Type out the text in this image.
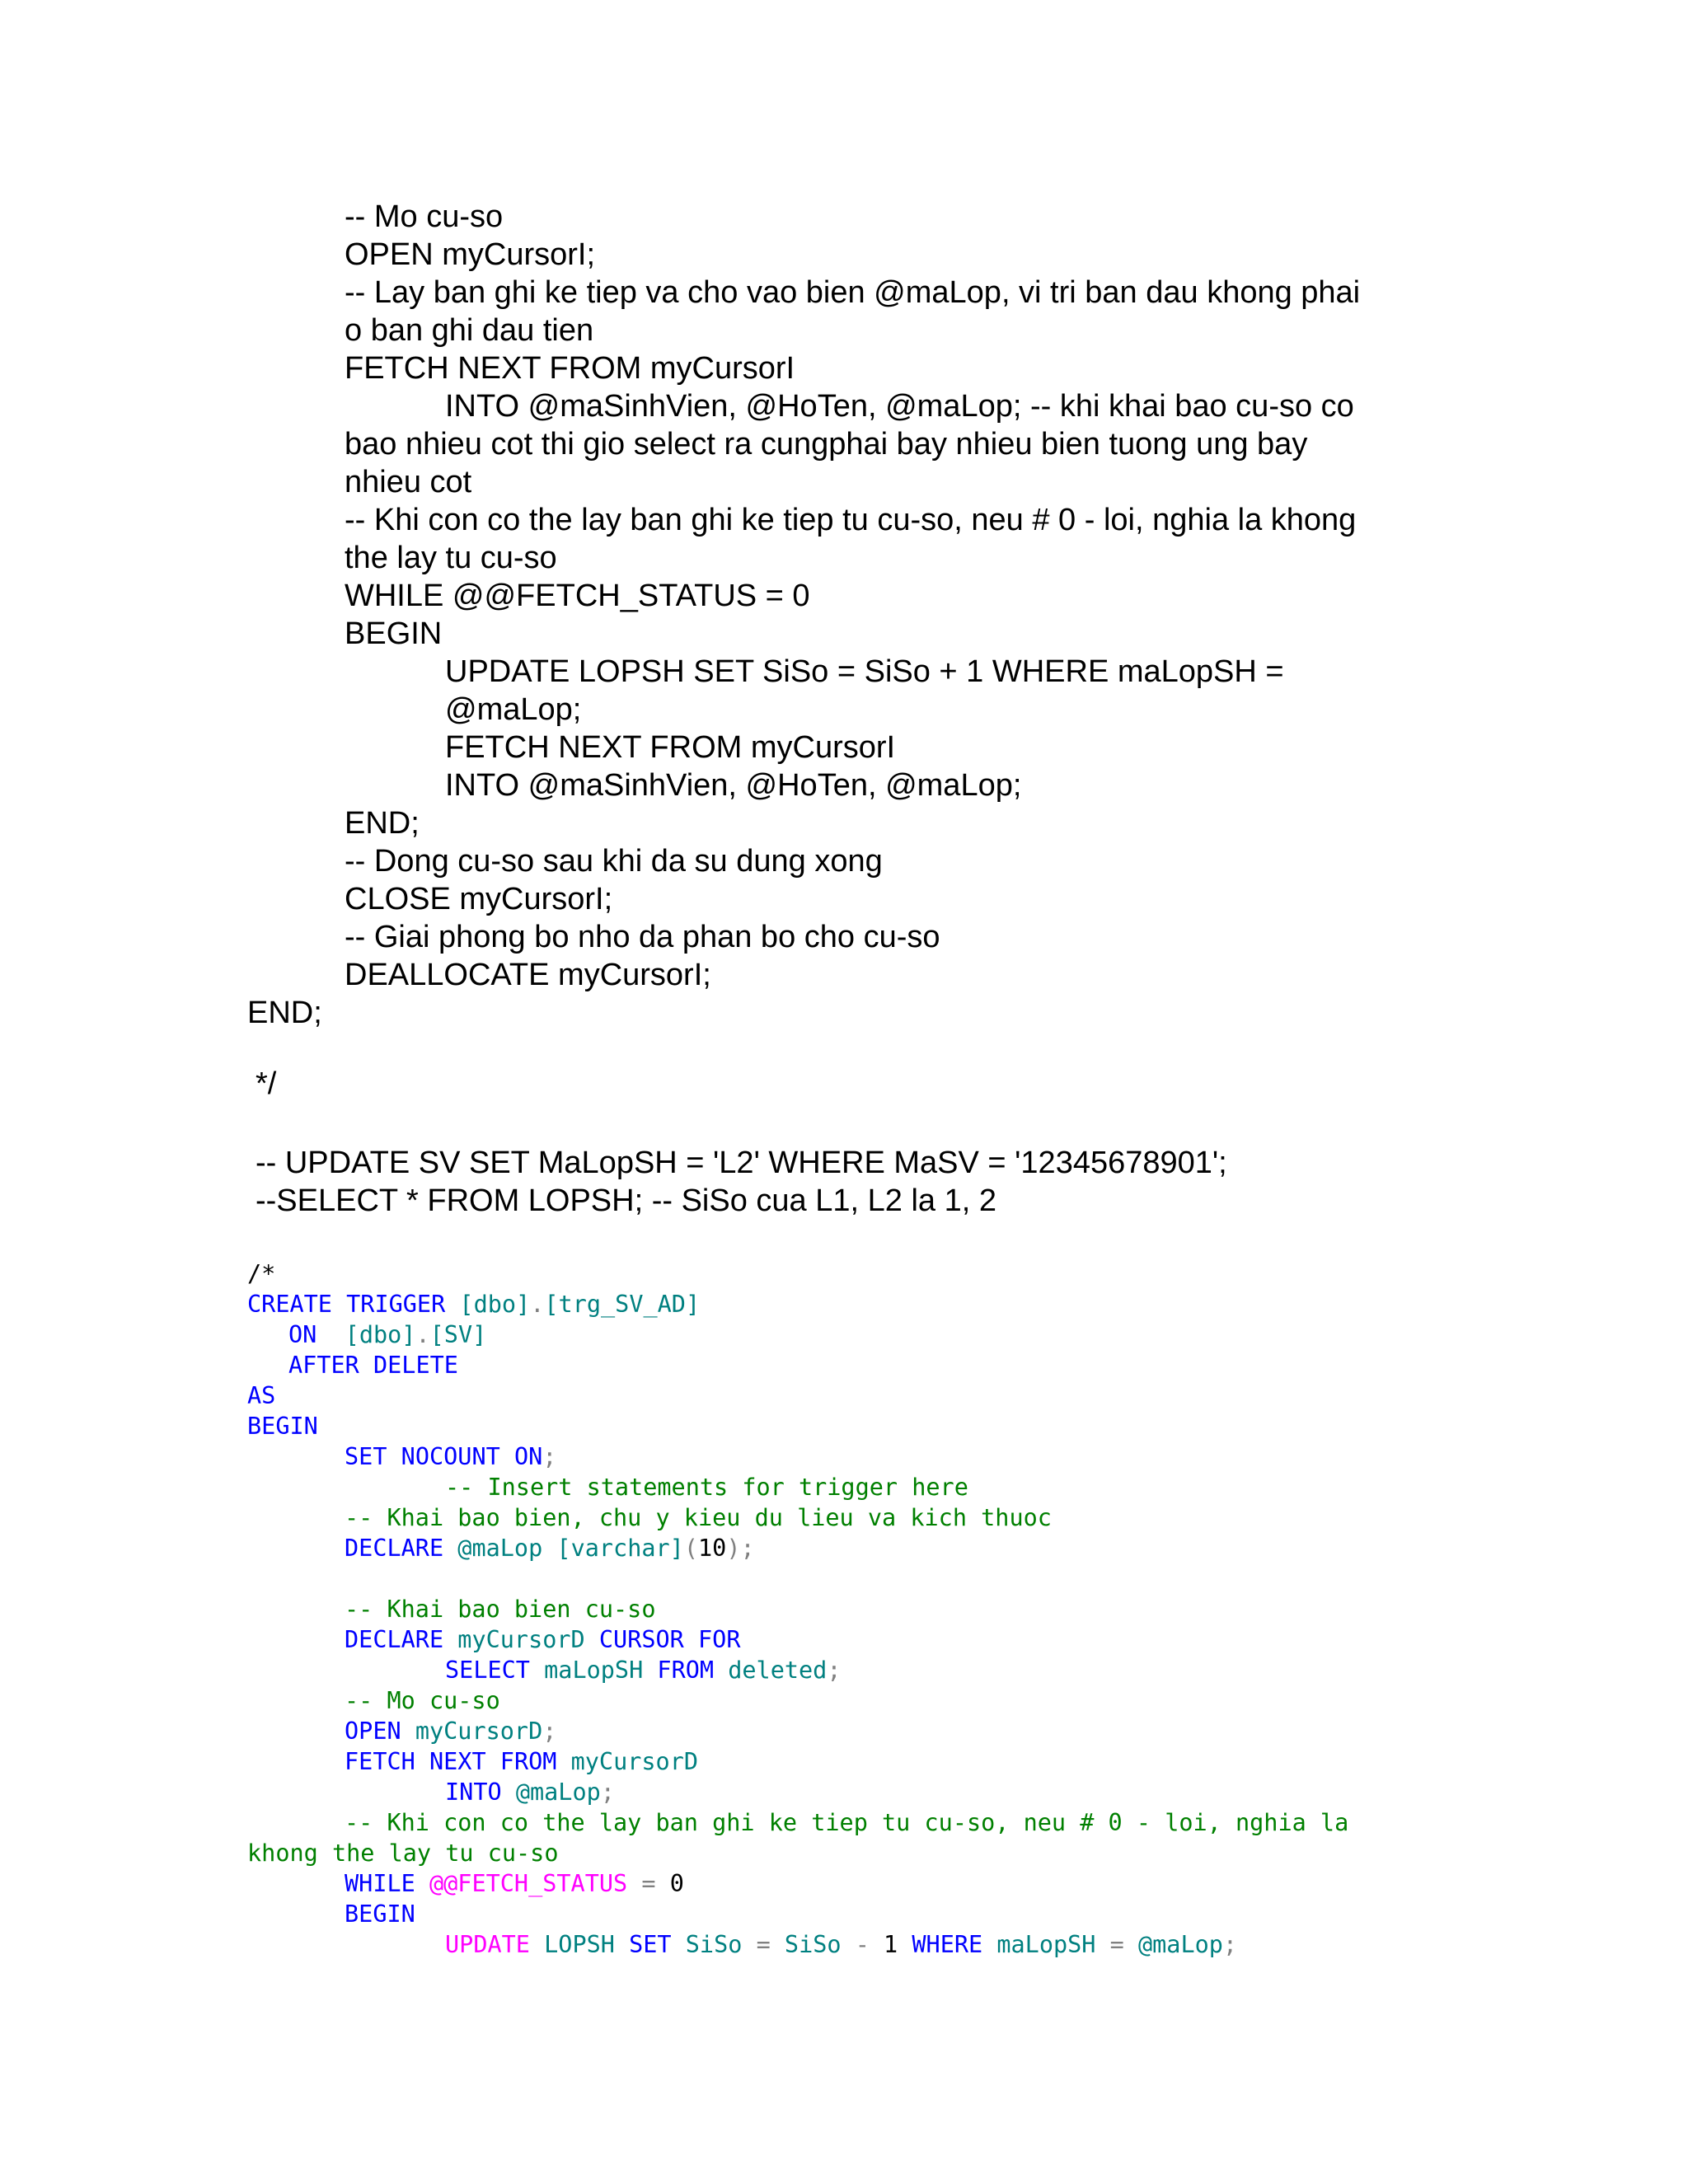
-- Mo cu-so
OPEN myCursorI;
-- Lay ban ghi ke tiep va cho vao bien @maLop, vi tri ban dau khong phai
o ban ghi dau tien
FETCH NEXT FROM myCursorI
INTO @maSinhVien, @HoTen, @maLop; -- khi khai bao cu-so co
bao nhieu cot thi gio select ra cungphai bay nhieu bien tuong ung bay
nhieu cot
-- Khi con co the lay ban ghi ke tiep tu cu-so, neu # 0 - loi, nghia la khong
the lay tu cu-so
WHILE @@FETCH_STATUS = 0
BEGIN
UPDATE LOPSH SET SiSo = SiSo + 1 WHERE maLopSH =
@maLop;
FETCH NEXT FROM myCursorI
INTO @maSinhVien, @HoTen, @maLop;
END;
-- Dong cu-so sau khi da su dung xong
CLOSE myCursorI;
-- Giai phong bo nho da phan bo cho cu-so
DEALLOCATE myCursorI;
END;
*/
-- UPDATE SV SET MaLopSH = 'L2' WHERE MaSV = '12345678901';
--SELECT * FROM LOPSH; -- SiSo cua L1, L2 la 1, 2
/*
CREATE TRIGGER [dbo].[trg_SV_AD]
ON [dbo].[SV]
AFTER DELETE
AS
BEGIN
SET NOCOUNT ON;
-- Insert statements for trigger here
-- Khai bao bien, chu y kieu du lieu va kich thuoc
DECLARE @maLop [varchar](10);
-- Khai bao bien cu-so
DECLARE myCursorD CURSOR FOR
SELECT maLopSH FROM deleted;
-- Mo cu-so
OPEN myCursorD;
FETCH NEXT FROM myCursorD
INTO @maLop;
-- Khi con co the lay ban ghi ke tiep tu cu-so, neu # 0 - loi, nghia la
khong the lay tu cu-so
WHILE @@FETCH_STATUS = 0
BEGIN
UPDATE LOPSH SET SiSo = SiSo - 1 WHERE maLopSH = @maLop;
